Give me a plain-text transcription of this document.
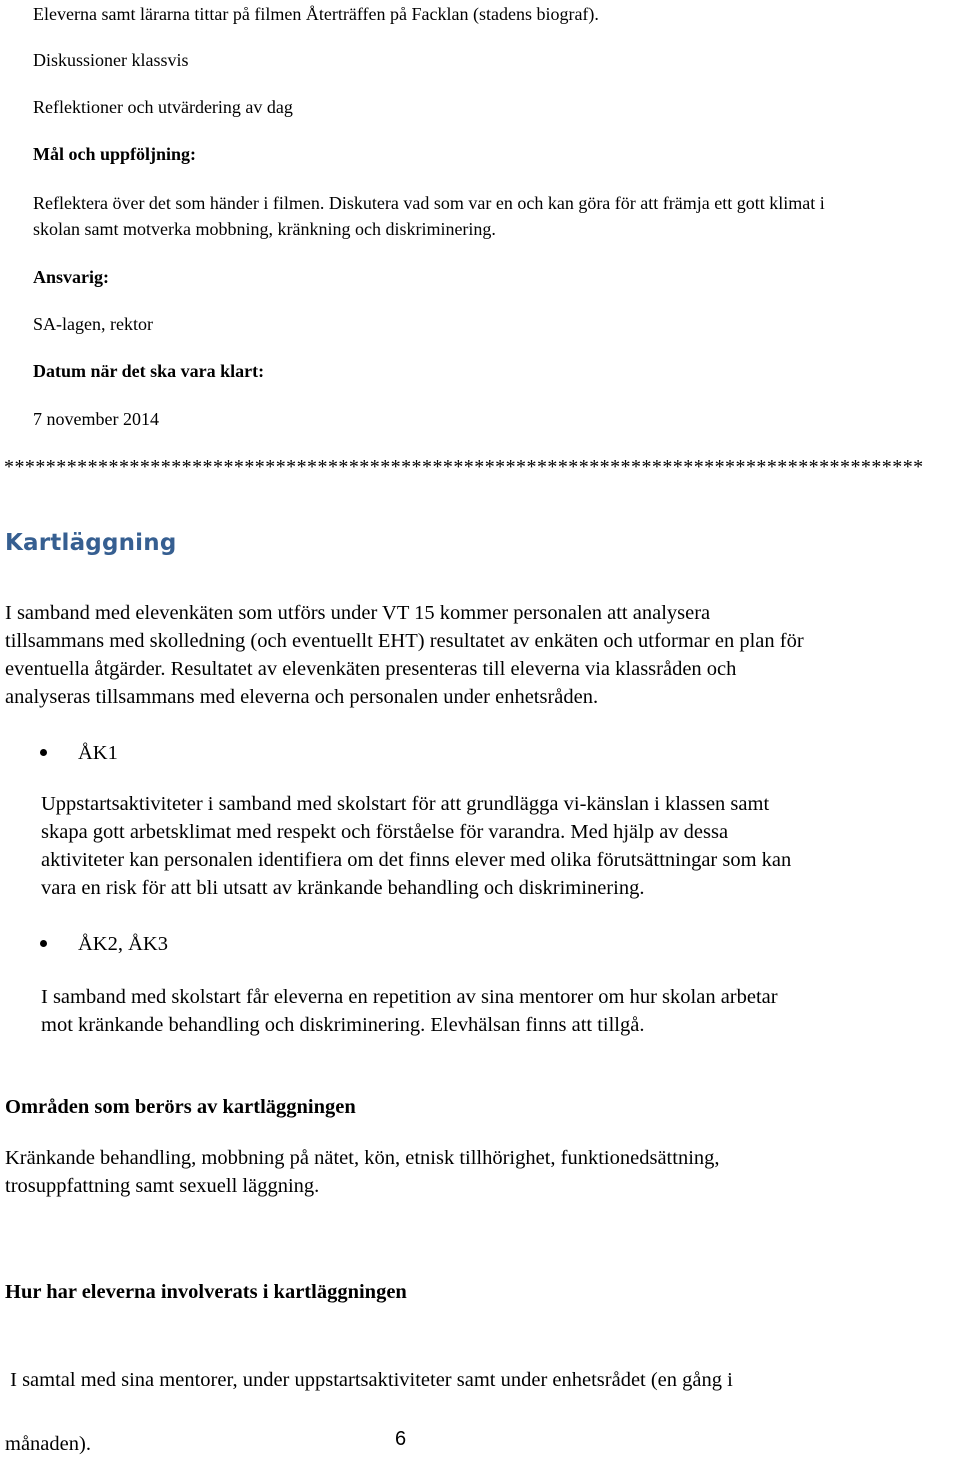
Eleverna samt lärarna tittar på filmen Återträffen på Facklan (stadens biograf).

Diskussioner klassvis

Reflektioner och utvärdering av dag

Mål och uppföljning:

Reflektera över det som händer i filmen. Diskutera vad som var en och kan göra för att främja ett gott klimat i

skolan samt motverka mobbning, kränkning och diskriminering.

Ansvarig:

SA-lagen, rektor

Datum när det ska vara klart:

7 november 2014

****************************************************************************************

Kartläggning
I samband med elevenkäten som utförs under VT 15 kommer personalen att analysera
tillsammans med skolledning (och eventuellt EHT) resultatet av enkäten och utformar en plan för
eventuella åtgärder. Resultatet av elevenkäten presenteras till eleverna via klassråden och
analyseras tillsammans med eleverna och personalen under enhetsråden.

ÅK1

Uppstartsaktiviteter i samband med skolstart för att grundlägga vi-känslan i klassen samt
skapa gott arbetsklimat med respekt och förståelse för varandra. Med hjälp av dessa
aktiviteter kan personalen identifiera om det finns elever med olika förutsättningar som kan
vara en risk för att bli utsatt av kränkande behandling och diskriminering.

ÅK2, ÅK3

I samband med skolstart får eleverna en repetition av sina mentorer om hur skolan arbetar
mot kränkande behandling och diskriminering. Elevhälsan finns att tillgå.
Områden som berörs av kartläggningen
Kränkande behandling, mobbning på nätet, kön, etnisk tillhörighet, funktionedsättning,
trosuppfattning samt sexuell läggning.
Hur har eleverna involverats i kartläggningen

I samtal med sina mentorer, under uppstartsaktiviteter samt under enhetsrådet (en gång i

månaden).	6
